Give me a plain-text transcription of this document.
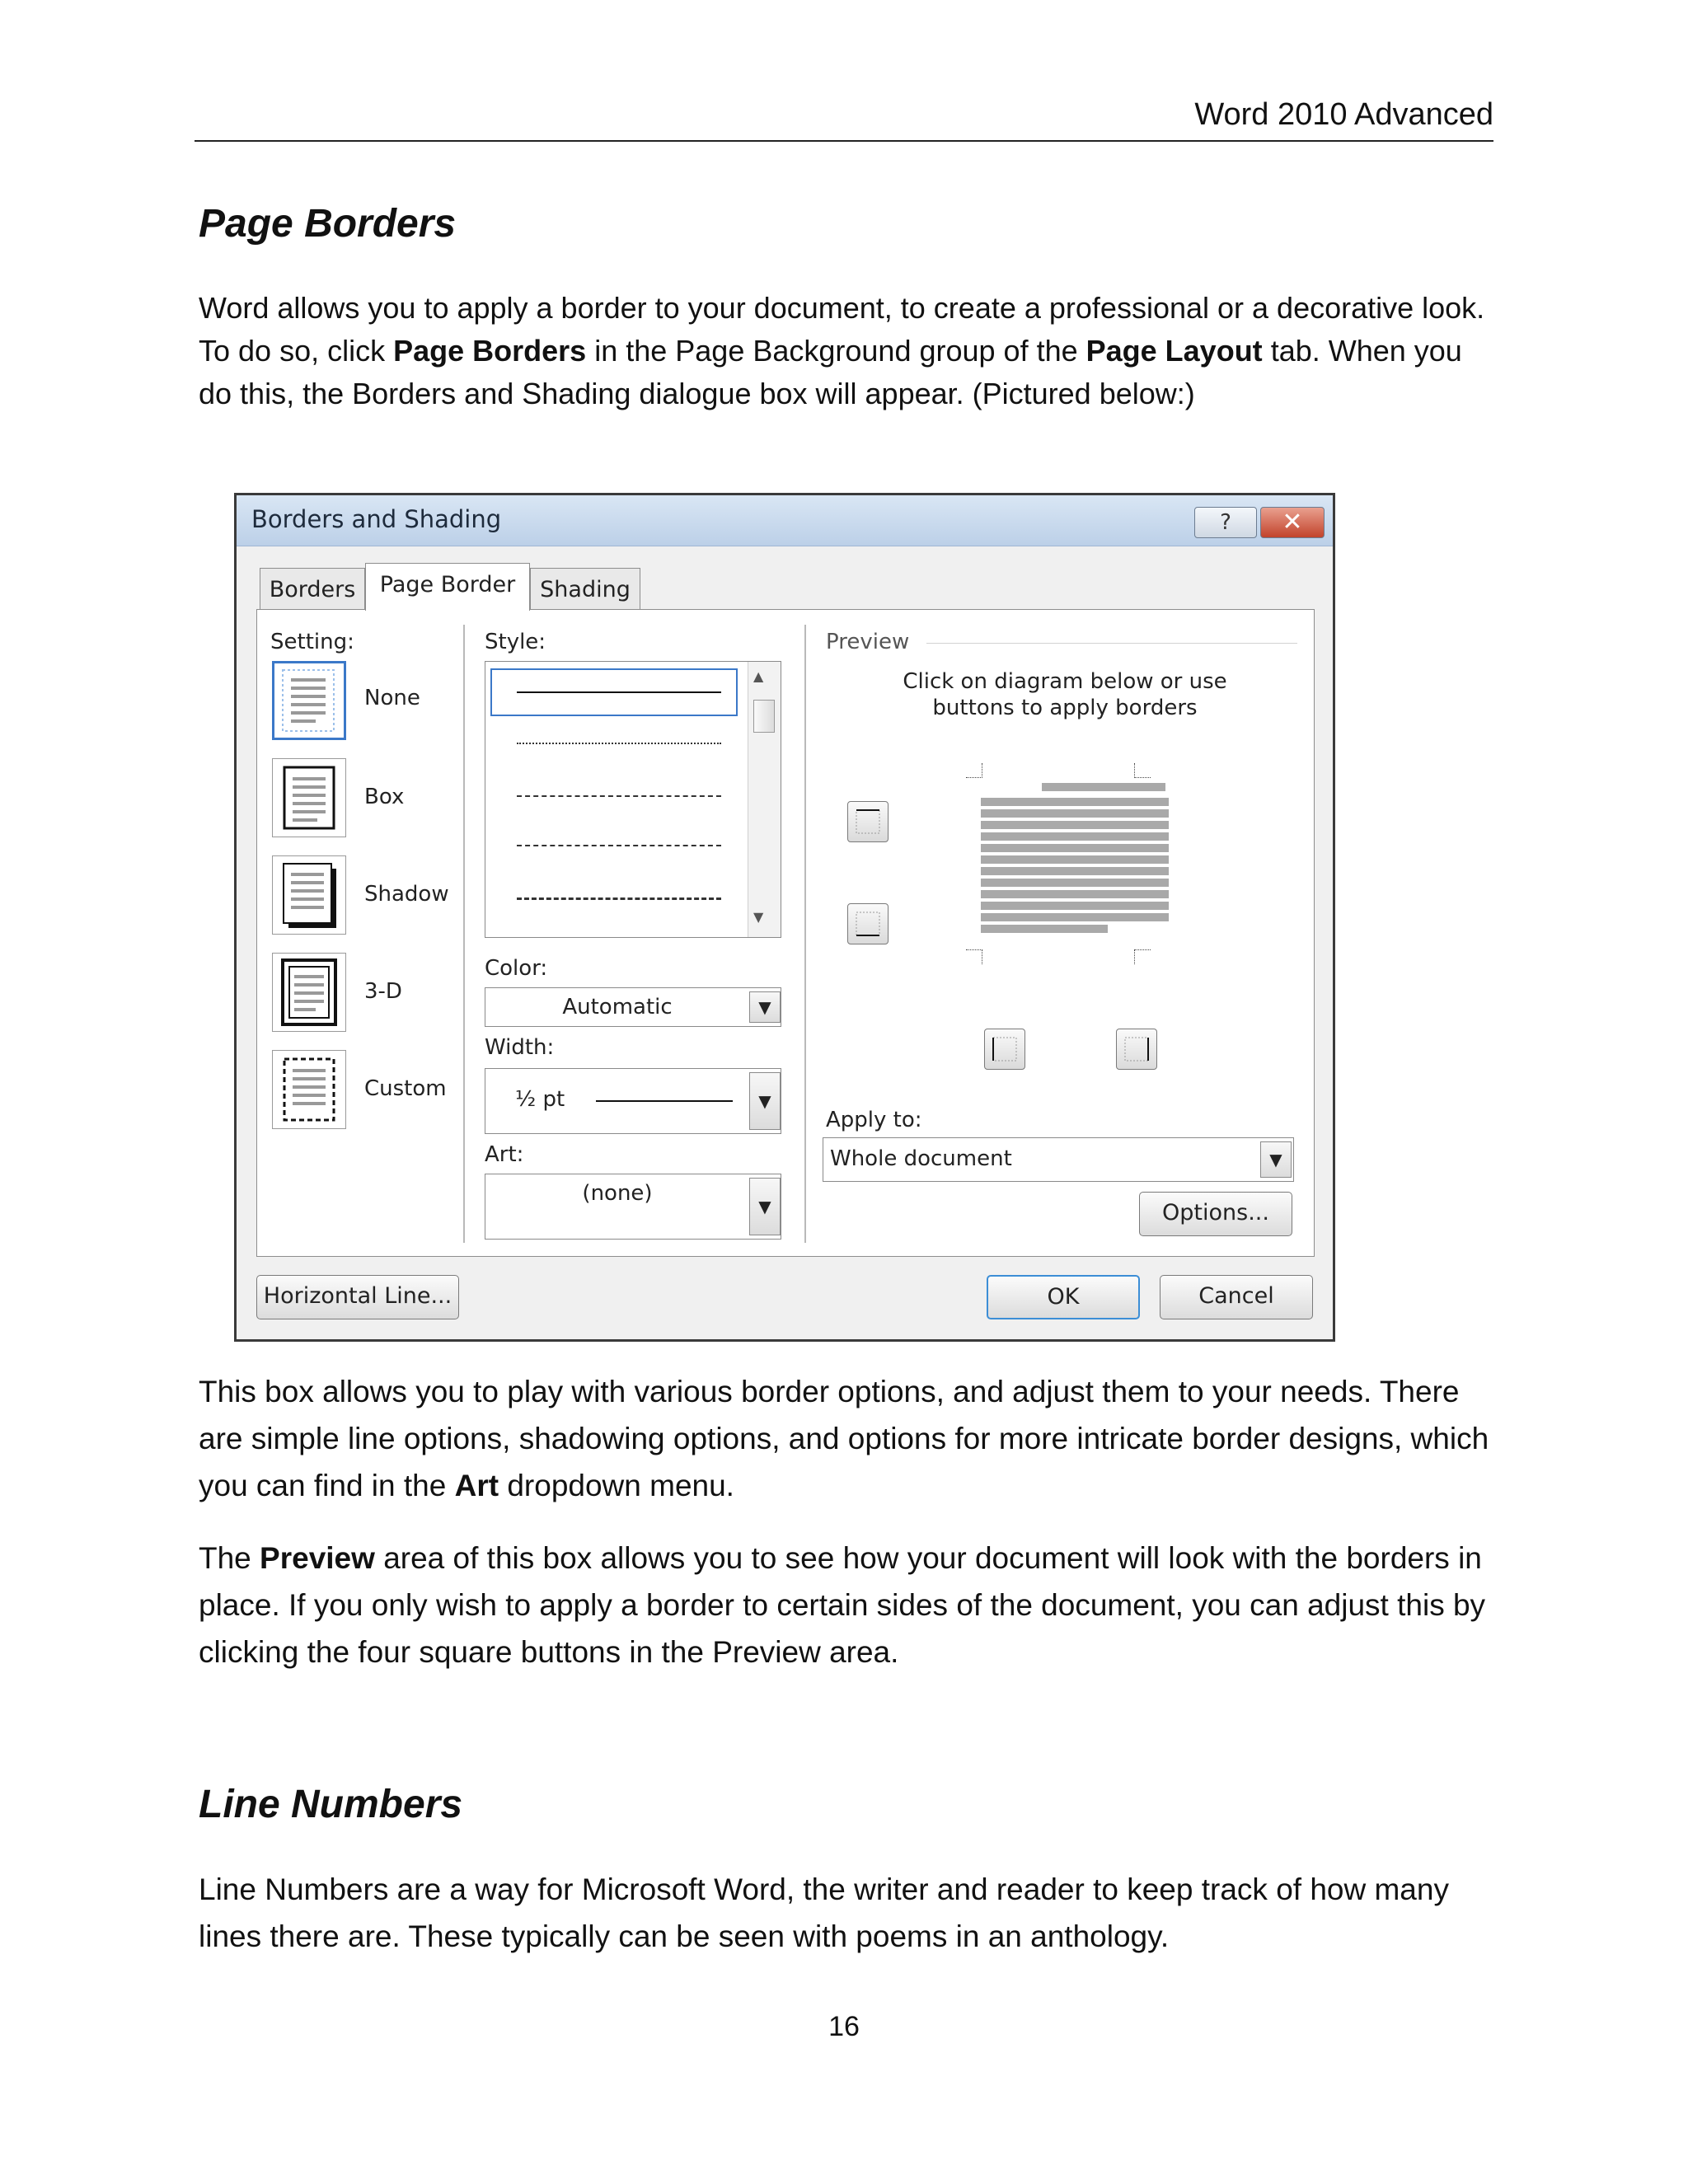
Word 2010 Advanced
Page Borders
Word allows you to apply a border to your document, to create a professional or a decorative look. To do so, click Page Borders in the Page Background group of the Page Layout tab. When you do this, the Borders and Shading dialogue box will appear. (Pictured below:)
Borders and Shading	?	✕
Borders	Page Border	Shading
Setting:
None
Box
Shadow
3-D
Custom
Style:
▲
▼
Color:
Automatic	▼
Width:
½ pt	▼
Art:
(none)
▼
Preview
Click on diagram below or use
buttons to apply borders
Apply to:
Whole document	▼
Options...
Horizontal Line...	OK	Cancel
This box allows you to play with various border options, and adjust them to your needs. There are simple line options, shadowing options, and options for more intricate border designs, which you can find in the Art dropdown menu.
The Preview area of this box allows you to see how your document will look with the borders in place. If you only wish to apply a border to certain sides of the document, you can adjust this by clicking the four square buttons in the Preview area.
Line Numbers
Line Numbers are a way for Microsoft Word, the writer and reader to keep track of how many lines there are. These typically can be seen with poems in an anthology.
16
